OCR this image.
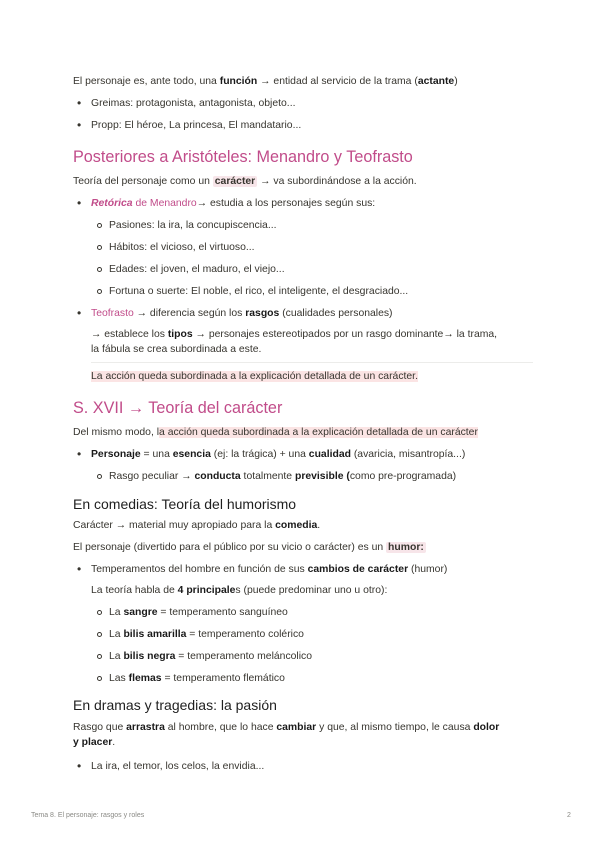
El personaje es, ante todo, una función → entidad al servicio de la trama (actante)

• Greimas: protagonista, antagonista, objeto...
• Propp: El héroe, La princesa, El mandatario...
Posteriores a Aristóteles: Menandro y Teofrasto

Teoría del personaje como un carácter → va subordinándose a la acción.

• Retórica de Menandro→ estudia a los personajes según sus:
Pasiones: la ira, la concupiscencia...
Hábitos: el vicioso, el virtuoso...
Edades: el joven, el maduro, el viejo...
Fortuna o suerte: El noble, el rico, el inteligente, el desgraciado...
• Teofrasto → diferencia según los rasgos (cualidades personales)

→ establece los tipos → personajes estereotipados por un rasgo dominante→ la trama,

la fábula se crea subordinada a este.

La acción queda subordinada a la explicación detallada de un carácter.

S. XVII → Teoría del carácter

Del mismo modo, la acción queda subordinada a la explicación detallada de un carácter

• Personaje = una esencia (ej: la trágica) + una cualidad (avaricia, misantropía...)
Rasgo peculiar → conducta totalmente previsible (como pre-programada)
En comedias: Teoría del humorismo

Carácter → material muy apropiado para la comedia.

El personaje (divertido para el público por su vicio o carácter) es un humor:

• Temperamentos del hombre en función de sus cambios de carácter (humor)

La teoría habla de 4 principales (puede predominar uno u otro):

La sangre = temperamento sanguíneo
La bilis amarilla = temperamento colérico
La bilis negra = temperamento meláncolico
Las flemas = temperamento flemático
En dramas y tragedias: la pasión

Rasgo que arrastra al hombre, que lo hace cambiar y que, al mismo tiempo, le causa dolor
y placer.

• La ira, el temor, los celos, la envidia...
Tema 8. El personaje: rasgos y roles	2
